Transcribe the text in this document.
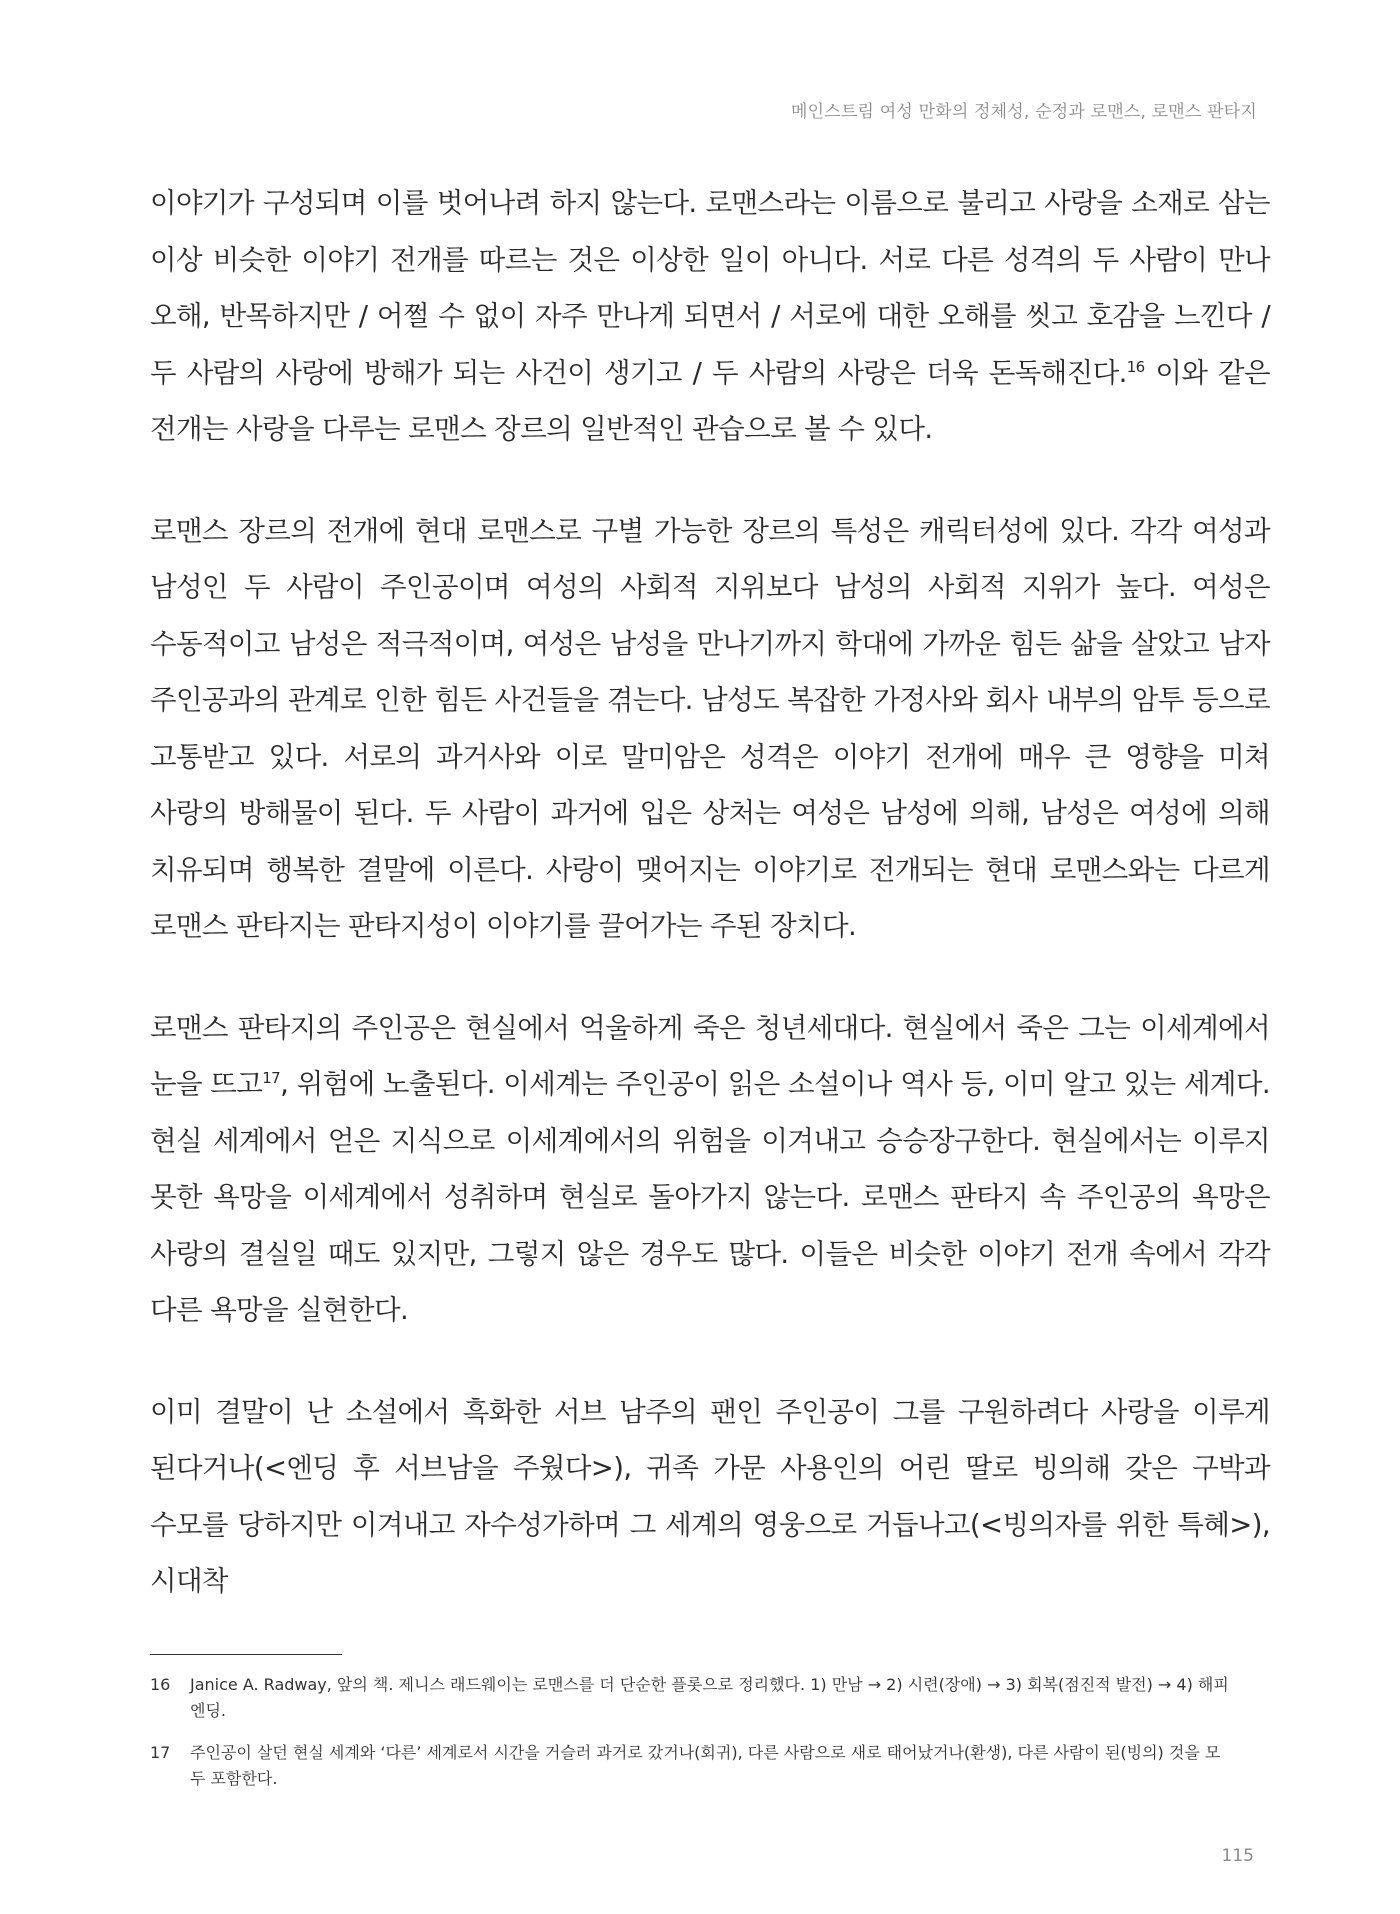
메인스트림 여성 만화의 정체성, 순정과 로맨스, 로맨스 판타지

이야기가 구성되며 이를 벗어나려 하지 않는다. 로맨스라는 이름으로 불리고 사랑을 소재로 삼는 이상 비슷한 이야기 전개를 따르는 것은 이상한 일이 아니다. 서로 다른 성격의 두 사람이 만나 오해, 반목하지만 / 어쩔 수 없이 자주 만나게 되면서 / 서로에 대한 오해를 씻고 호감을 느낀다 / 두 사람의 사랑에 방해가 되는 사건이 생기고 / 두 사람의 사랑은 더욱 돈독해진다.$^{16}$ 이와 같은 전개는 사랑을 다루는 로맨스 장르의 일반적인 관습으로 볼 수 있다.

로맨스 장르의 전개에 현대 로맨스로 구별 가능한 장르의 특성은 캐릭터성에 있다. 각각 여성과 남성인 두 사람이 주인공이며 여성의 사회적 지위보다 남성의 사회적 지위가 높다. 여성은 수동적이고 남성은 적극적이며, 여성은 남성을 만나기까지 학대에 가까운 힘든 삶을 살았고 남자 주인공과의 관계로 인한 힘든 사건들을 겪는다. 남성도 복잡한 가정사와 회사 내부의 암투 등으로 고통받고 있다. 서로의 과거사와 이로 말미암은 성격은 이야기 전개에 매우 큰 영향을 미쳐 사랑의 방해물이 된다. 두 사람이 과거에 입은 상처는 여성은 남성에 의해, 남성은 여성에 의해 치유되며 행복한 결말에 이른다. 사랑이 맺어지는 이야기로 전개되는 현대 로맨스와는 다르게 로맨스 판타지는 판타지성이 이야기를 끌어가는 주된 장치다.

로맨스 판타지의 주인공은 현실에서 억울하게 죽은 청년세대다. 현실에서 죽은 그는 이세계에서 눈을 뜨고$^{17}$, 위험에 노출된다. 이세계는 주인공이 읽은 소설이나 역사 등, 이미 알고 있는 세계다. 현실 세계에서 얻은 지식으로 이세계에서의 위험을 이겨내고 승승장구한다. 현실에서는 이루지 못한 욕망을 이세계에서 성취하며 현실로 돌아가지 않는다. 로맨스 판타지 속 주인공의 욕망은 사랑의 결실일 때도 있지만, 그렇지 않은 경우도 많다. 이들은 비슷한 이야기 전개 속에서 각각 다른 욕망을 실현한다.

이미 결말이 난 소설에서 흑화한 서브 남주의 팬인 주인공이 그를 구원하려다 사랑을 이루게 된다거나(<엔딩 후 서브남을 주웠다>), 귀족 가문 사용인의 어린 딸로 빙의해 갖은 구박과 수모를 당하지만 이겨내고 자수성가하며 그 세계의 영웅으로 거듭나고(<빙의자를 위한 특혜>), 시대착

16	Janice A. Radway, 앞의 책. 제니스 래드웨이는 로맨스를 더 단순한 플롯으로 정리했다. 1) 만남 → 2) 시련(장애) → 3) 회복(점진적 발전) → 4) 해피엔딩.
17	주인공이 살던 현실 세계와 ‘다른’ 세계로서 시간을 거슬러 과거로 갔거나(회귀), 다른 사람으로 새로 태어났거나(환생), 다른 사람이 된(빙의) 것을 모두 포함한다.
115
